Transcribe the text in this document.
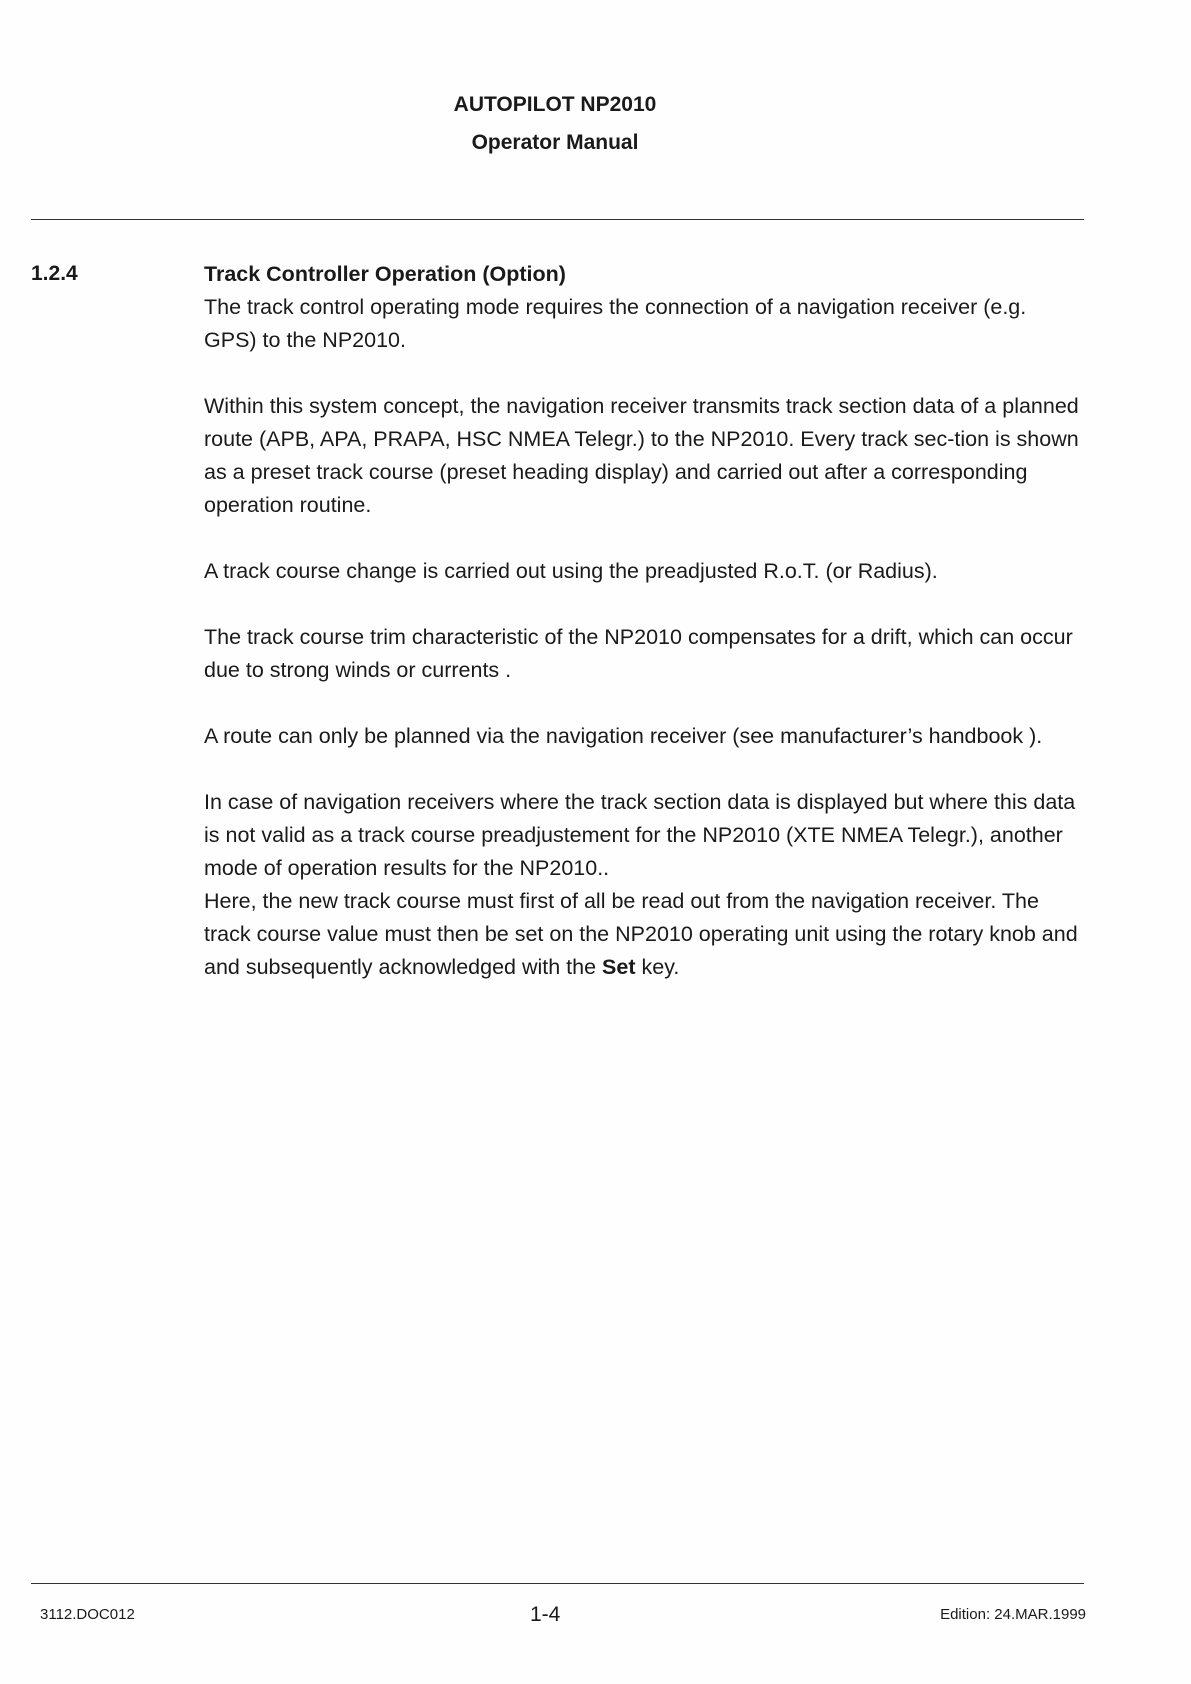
AUTOPILOT NP2010
Operator Manual
1.2.4	Track Controller Operation (Option)

The track control operating mode requires the connection of a navigation receiver (e.g. GPS) to the NP2010.

Within this system concept, the navigation receiver transmits track section data of a planned route (APB, APA, PRAPA, HSC NMEA Telegr.) to the NP2010. Every track sec-tion is shown as a preset track course (preset heading display) and carried out after a corresponding operation routine.

A track course change is carried out using the preadjusted R.o.T. (or Radius).

The track course trim characteristic of the NP2010 compensates for a drift, which can occur due to strong winds or currents .

A route can only be planned via the navigation receiver (see manufacturer’s handbook ).

In case of navigation receivers where the track section data is displayed but where this data is not valid as a track course preadjustement for the NP2010 (XTE NMEA Telegr.), another mode of operation results for the NP2010..

Here, the new track course must first of all be read out from the navigation receiver. The track course value must then be set on the NP2010 operating unit using the rotary knob and and subsequently acknowledged with the Set key.

3112.DOC012	1-4	Edition: 24.MAR.1999
